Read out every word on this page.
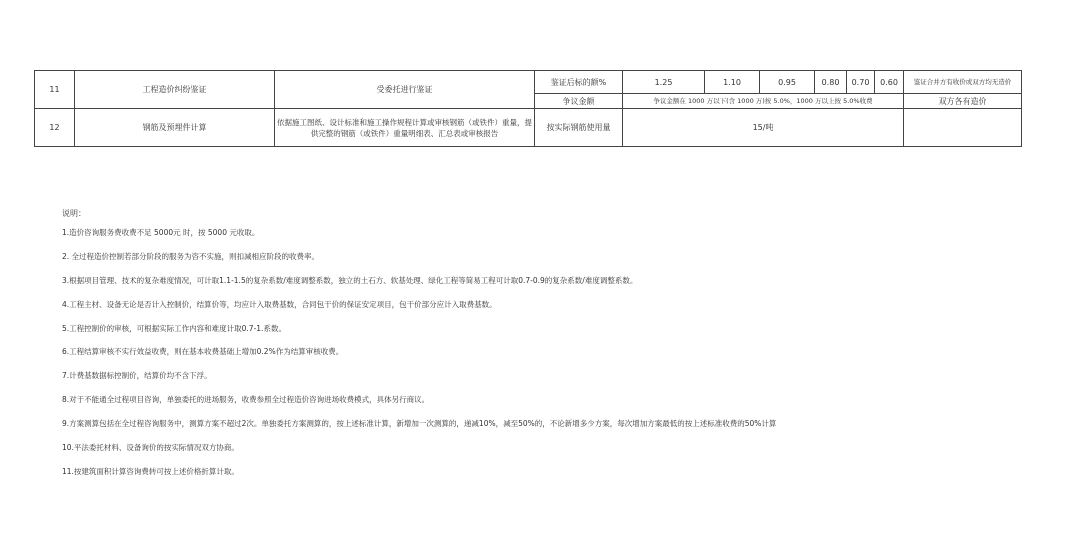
11	工程造价纠纷鉴证	受委托进行鉴证	鉴证后标的额%	1.25	1.10	0.95	0.80	0.70	0.60	鉴证合并方有收价或双方均无造价
			争议金额	争议金额在 1000 万以下(含 1000 万)按 5.0%，1000 万以上按 5.0%收费						双方各有造价
12	钢筋及预埋件计算	依据施工图纸、设计标准和施工操作规程计算或审核钢筋（或铁件）重量，提供完整的钢筋（或铁件）重量明细表、汇总表或审核报告	按实际钢筋使用量	15/吨						
说明：
1.造价咨询服务费收费不足 5000元 时，按 5000 元收取。
2. 全过程造价控制若部分阶段的服务为咨不实施，则扣减相应阶段的收费率。
3.根据项目管理、技术的复杂难度情况，可计取1.1-1.5的复杂系数/难度调整系数，独立的土石方、软基处理、绿化工程等简易工程可计取0.7-0.9的复杂系数/难度调整系数。
4.工程主材、设备无论是否计入控制价，结算价等，均应计入取费基数，合同包干价的保证安定项目，包干价部分应计入取费基数。
5.工程控制价的审核，可根据实际工作内容和难度计取0.7-1.系数。
6.工程结算审核不实行效益收费，则在基本收费基础上增加0.2%作为结算审核收费。
7.计费基数据标控制价，结算价均不含下浮。
8.对于不能通全过程项目咨询，单独委托的进场服务，收费参照全过程造价咨询进场收费模式，具体另行商议。
9.方案测算包括在全过程咨询服务中，测算方案不超过2次。单独委托方案测算的，按上述标准计算，新增加一次测算的，递减10%，减至50%的，不论新增多少方案，每次增加方案最低的按上述标准收费的50%计算
10.平法委托材料、设备询价的按实际情况双方协商。
11.按建筑面积计算咨询费转可按上述价格折算计取。
